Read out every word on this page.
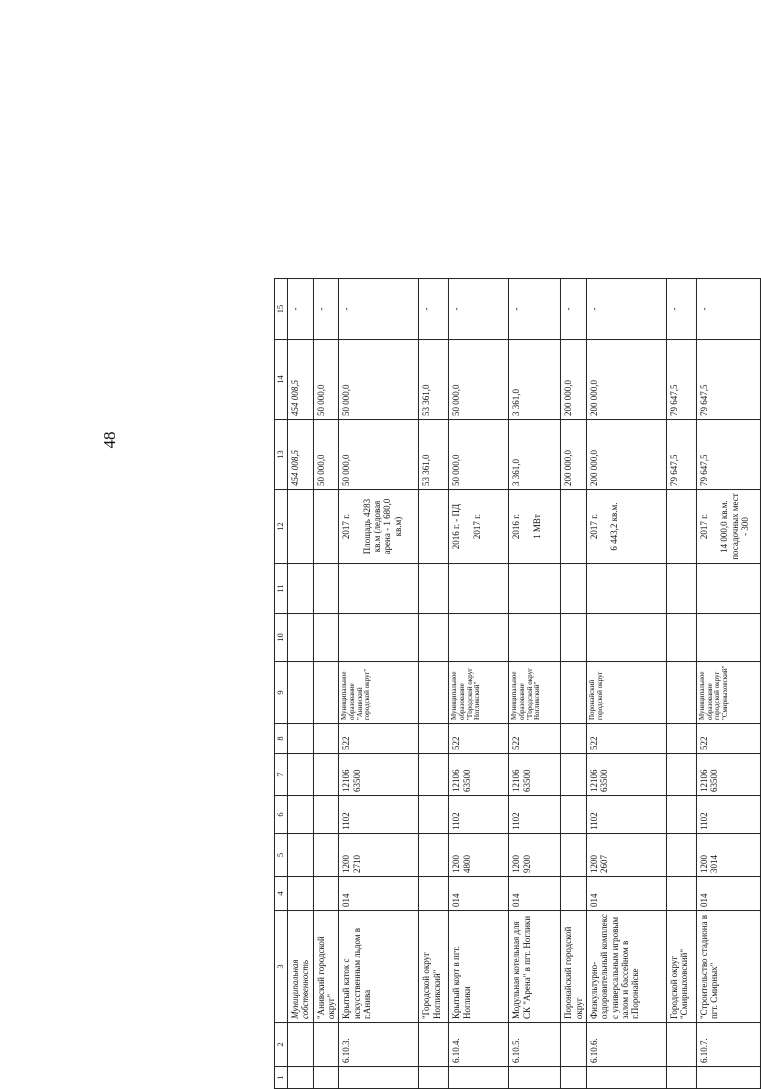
48
1	2	3	4	5	6	7	8	9	10	11	12	13	14	15
		Муниципальная собственность										454 008,5	454 008,5	-
		"Анивский городской округ"										50 000,0	50 000,0	-
	6.10.3.	Крытый каток с искусственным льдом в г.Анива	014	1200 2710	1102	12106 63500	522	Муниципальное образование "Анивский городской округ"			2017 г. Площадь 4283 кв.м (ледовая арена - 1 680,0 кв.м)	50 000,0	50 000,0	-
		"Городской округ Ногликский"										53 361,0	53 361,0	-
	6.10.4.	Крытый корт в пгт. Ноглики	014	1200 4800	1102	12106 63500	522	Муниципальное образование "Городской округ Ногликский"			2016 г. - ПД 2017 г.	50 000,0	50 000,0	-
	6.10.5.	Модульная котельная для СК "Арена" в пгт. Ноглики	014	1200 9200	1102	12106 63500	522	Муниципальное образование "Городской округ Ногликский"			2016 г. 1 МВт	3 361,0	3 361,0	-
		Поронайский городской округ										200 000,0	200 000,0	-
	6.10.6.	Физкультурно-оздоровительный комплекс с универсальным игровым залом и бассейном в г.Поронайске	014	1200 2607	1102	12106 63500	522	Поронайский городской округ			2017 г. 6 443,2 кв.м.	200 000,0	200 000,0	-
		Городской округ "Смирныховский"										79 647,5	79 647,5	-
	6.10.7.	"Строительство стадиона в пгт. Смирных"	014	1200 3014	1102	12106 63500	522	Муниципальное образование городской округ "Смирныховский"			2017 г. 14 000,0 кв.м. посадочных мест - 300	79 647,5	79 647,5	-
